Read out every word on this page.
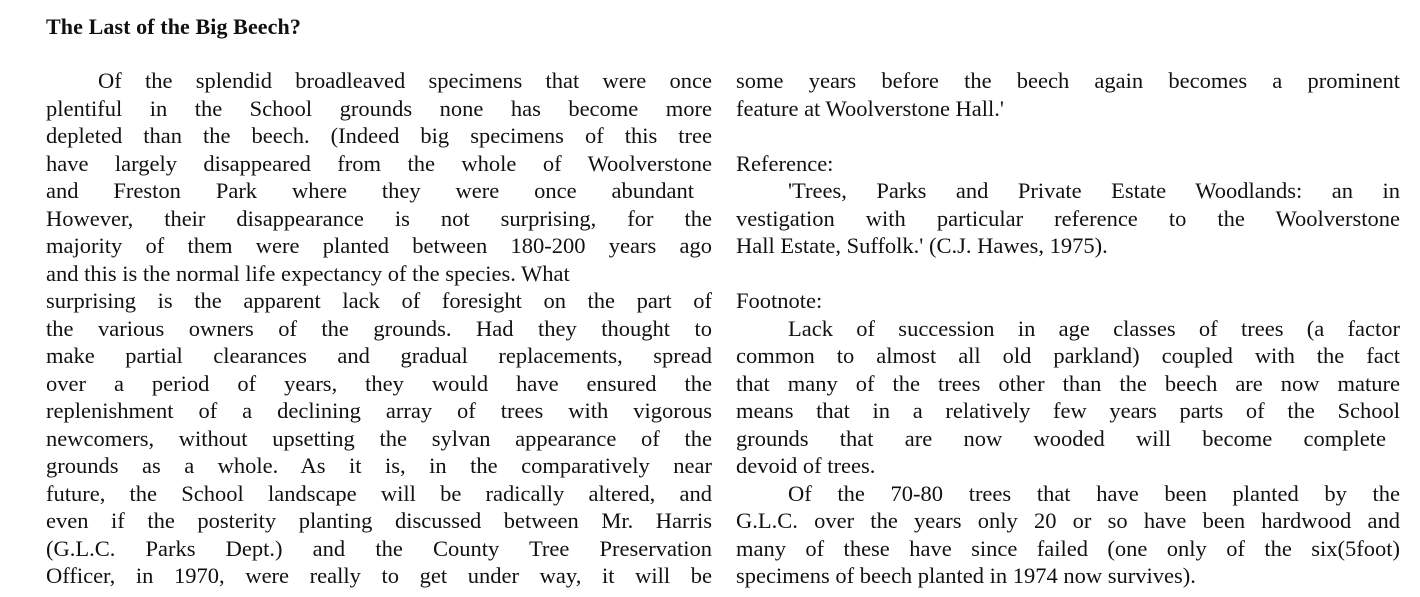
The Last of the Big Beech?
Of the splendid broadleaved specimens that were once
plentiful in the School grounds none has become more
depleted than the beech. (Indeed big specimens of this tree
have largely disappeared from the whole of Woolverstone
and Freston Park where they were once abundant
However, their disappearance is not surprising, for the
majority of them were planted between 180-200 years ago
and this is the normal life expectancy of the species. What
surprising is the apparent lack of foresight on the part of
the various owners of the grounds. Had they thought to
make partial clearances and gradual replacements, spread
over a period of years, they would have ensured the
replenishment of a declining array of trees with vigorous
newcomers, without upsetting the sylvan appearance of the
grounds as a whole. As it is, in the comparatively near
future, the School landscape will be radically altered, and
even if the posterity planting discussed between Mr. Harris
(G.L.C. Parks Dept.) and the County Tree Preservation
Officer, in 1970, were really to get under way, it will be
some years before the beech again becomes a prominent
feature at Woolverstone Hall.'
Reference:
'Trees, Parks and Private Estate Woodlands: an in
vestigation with particular reference to the Woolverstone
Hall Estate, Suffolk.' (C.J. Hawes, 1975).
Footnote:
Lack of succession in age classes of trees (a factor
common to almost all old parkland) coupled with the fact
that many of the trees other than the beech are now mature
means that in a relatively few years parts of the School
grounds that are now wooded will become complete
devoid of trees.
Of the 70-80 trees that have been planted by the
G.L.C. over the years only 20 or so have been hardwood and
many of these have since failed (one only of the six(5foot)
specimens of beech planted in 1974 now survives).
